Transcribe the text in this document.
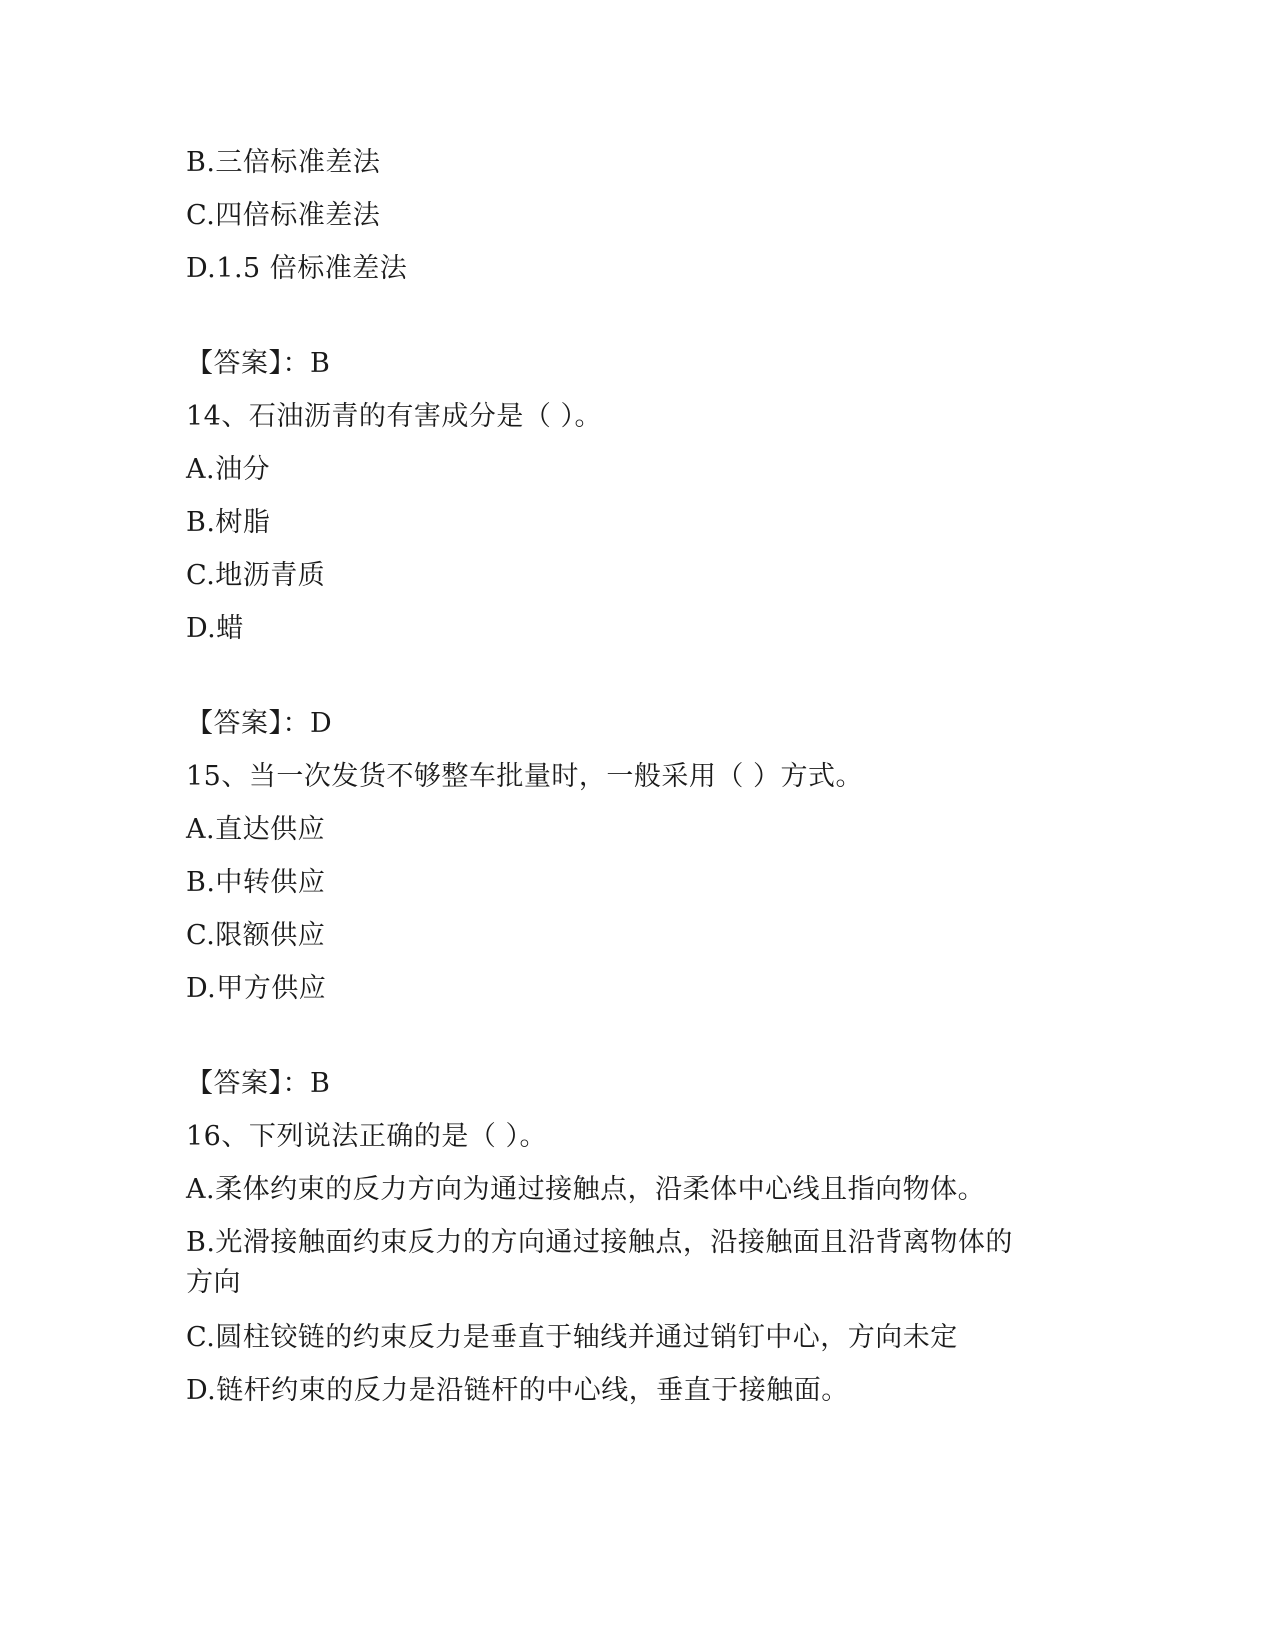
B.三倍标准差法
C.四倍标准差法
D.1.5 倍标准差法
【答案】：B
14、石油沥青的有害成分是（ ）。
A.油分
B.树脂
C.地沥青质
D.蜡
【答案】：D
15、当一次发货不够整车批量时，一般采用（ ）方式。
A.直达供应
B.中转供应
C.限额供应
D.甲方供应
【答案】：B
16、下列说法正确的是（ ）。
A.柔体约束的反力方向为通过接触点，沿柔体中心线且指向物体。
B.光滑接触面约束反力的方向通过接触点，沿接触面且沿背离物体的
方向
C.圆柱铰链的约束反力是垂直于轴线并通过销钉中心，方向未定
D.链杆约束的反力是沿链杆的中心线，垂直于接触面。
